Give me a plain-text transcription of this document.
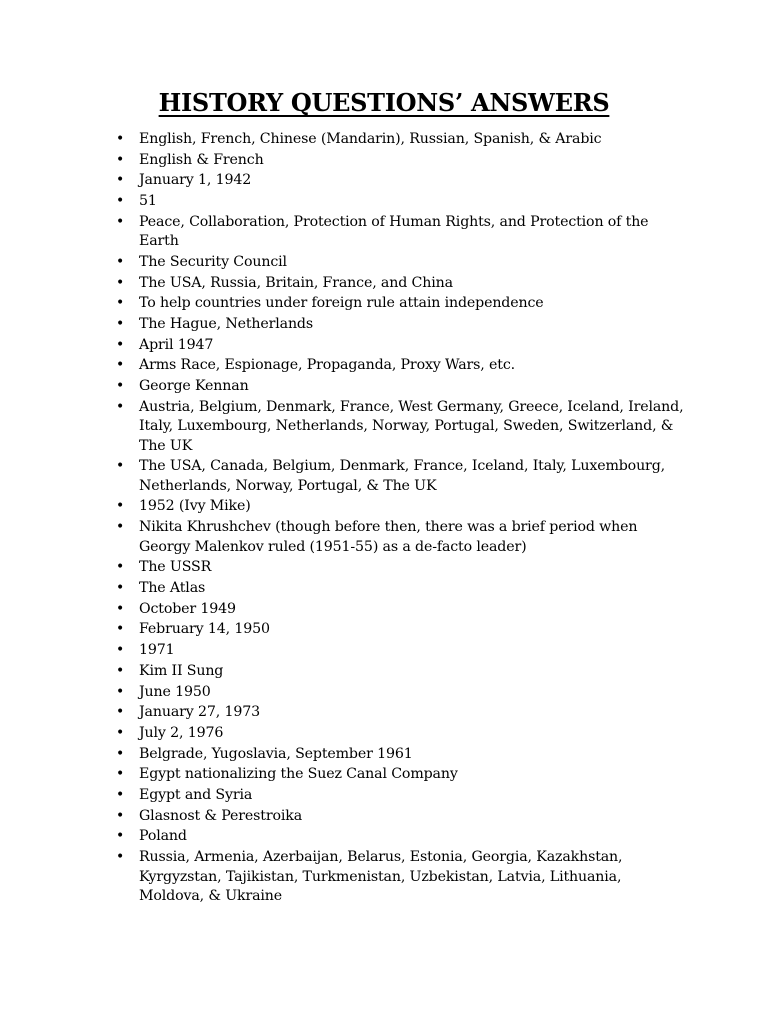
HISTORY QUESTIONS’ ANSWERS
• English, French, Chinese (Mandarin), Russian, Spanish, & Arabic
• English & French
• January 1, 1942
• 51
• Peace, Collaboration, Protection of Human Rights, and Protection of the Earth
• The Security Council
• The USA, Russia, Britain, France, and China
• To help countries under foreign rule attain independence
• The Hague, Netherlands
• April 1947
• Arms Race, Espionage, Propaganda, Proxy Wars, etc.
• George Kennan
• Austria, Belgium, Denmark, France, West Germany, Greece, Iceland, Ireland, Italy, Luxembourg, Netherlands, Norway, Portugal, Sweden, Switzerland, & The UK
• The USA, Canada, Belgium, Denmark, France, Iceland, Italy, Luxembourg, Netherlands, Norway, Portugal, & The UK
• 1952 (Ivy Mike)
• Nikita Khrushchev (though before then, there was a brief period when Georgy Malenkov ruled (1951-55) as a de-facto leader)
• The USSR
• The Atlas
• October 1949
• February 14, 1950
• 1971
• Kim II Sung
• June 1950
• January 27, 1973
• July 2, 1976
• Belgrade, Yugoslavia, September 1961
• Egypt nationalizing the Suez Canal Company
• Egypt and Syria
• Glasnost & Perestroika
• Poland
• Russia, Armenia, Azerbaijan, Belarus, Estonia, Georgia, Kazakhstan, Kyrgyzstan, Tajikistan, Turkmenistan, Uzbekistan, Latvia, Lithuania, Moldova, & Ukraine
